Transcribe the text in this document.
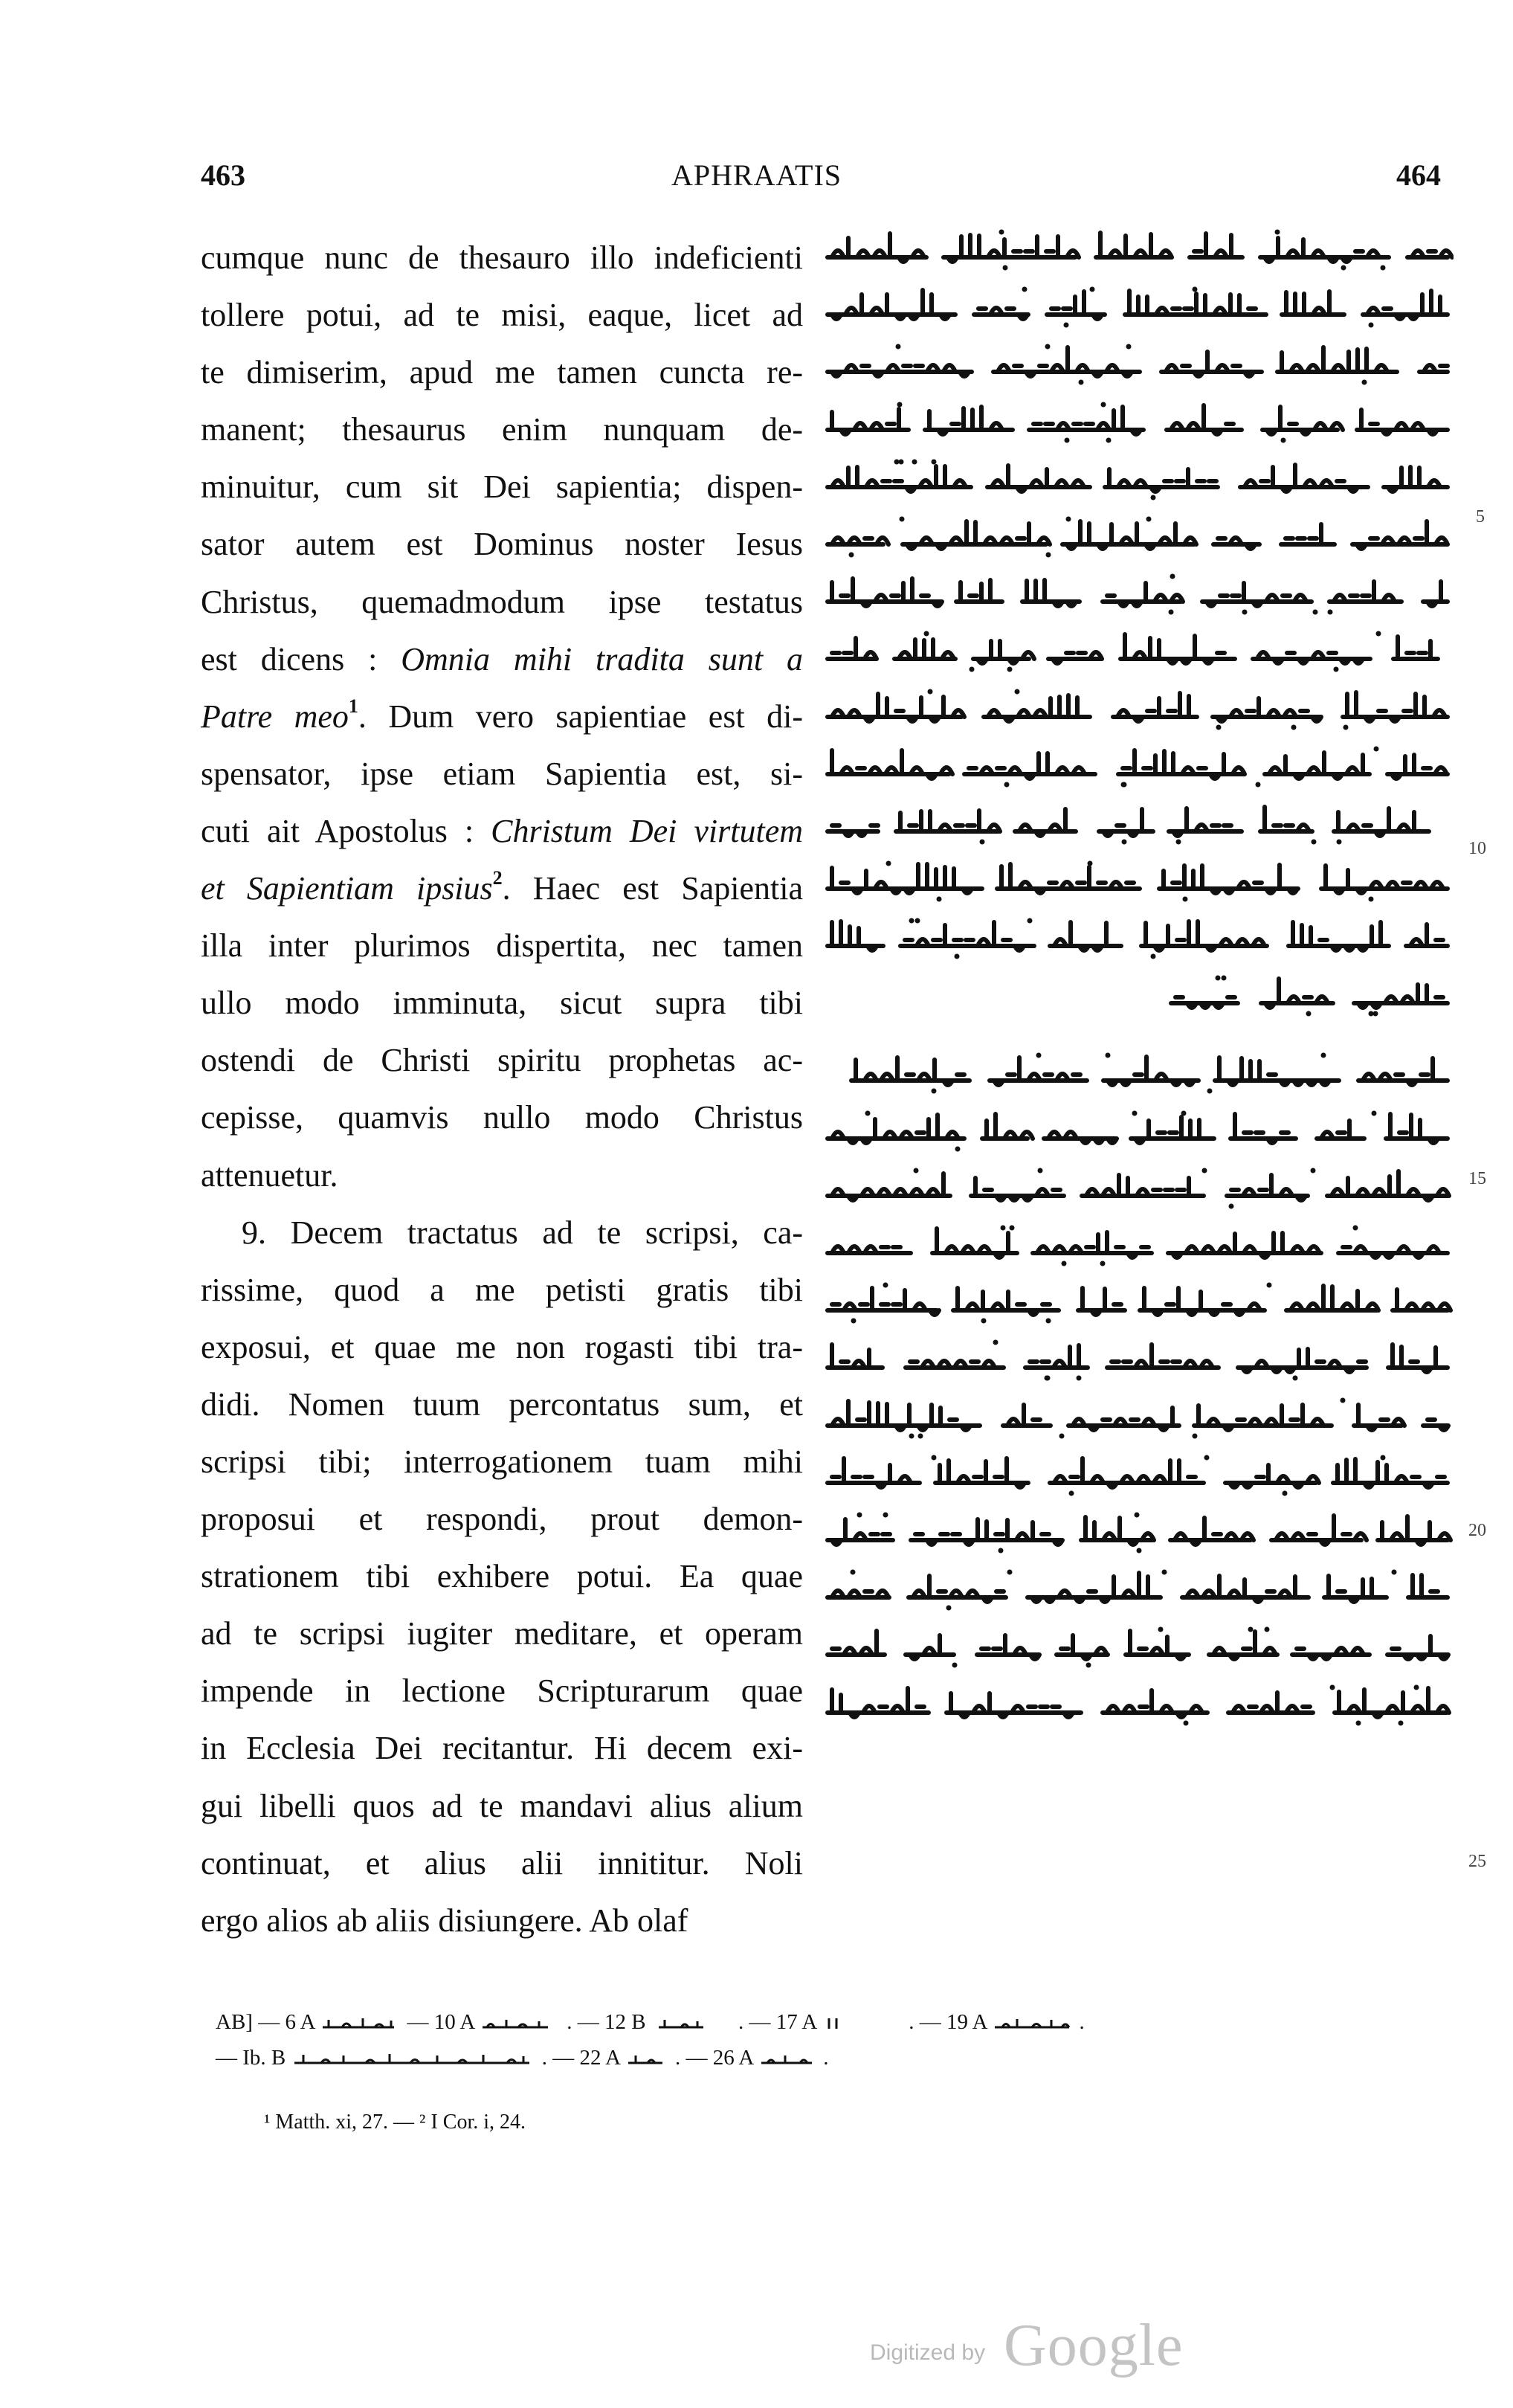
463	APHRAATIS	464
cumque nunc de thesauro illo indeficienti
tollere potui, ad te misi, eaque, licet ad
te dimiserim, apud me tamen cuncta re-
manent; thesaurus enim nunquam de-
minuitur, cum sit Dei sapientia; dispen-
sator autem est Dominus noster Iesus
Christus, quemadmodum ipse testatus
est dicens : Omnia mihi tradita sunt a
Patre meo$^1$. Dum vero sapientiae est di-
spensator, ipse etiam Sapientia est, si-
cuti ait Apostolus : Christum Dei virtutem
et Sapientiam ipsius$^2$. Haec est Sapientia
illa inter plurimos dispertita, nec tamen
ullo modo imminuta, sicut supra tibi
ostendi de Christi spiritu prophetas ac-
cepisse, quamvis nullo modo Christus
attenuetur.
9. Decem tractatus ad te scripsi, ca-
rissime, quod a me petisti gratis tibi
exposui, et quae me non rogasti tibi tra-
didi. Nomen tuum percontatus sum, et
scripsi tibi; interrogationem tuam mihi
proposui et respondi, prout demon-
strationem tibi exhibere potui. Ea quae
ad te scripsi iugiter meditare, et operam
impende in lectione Scripturarum quae
in Ecclesia Dei recitantur. Hi decem exi-
gui libelli quos ad te mandavi alius alium
continuat, et alius alii innititur. Noli
ergo alios ab aliis disiungere. Ab olaf
5
10
15
20
25
AB] — 6 A	— 10 A	. — 12 B	. — 17 A	. — 19 A	.
— Ib. B	. — 22 A	. — 26 A	.
¹ Matth. xi, 27. — ² I Cor. i, 24.
Digitized by Google
